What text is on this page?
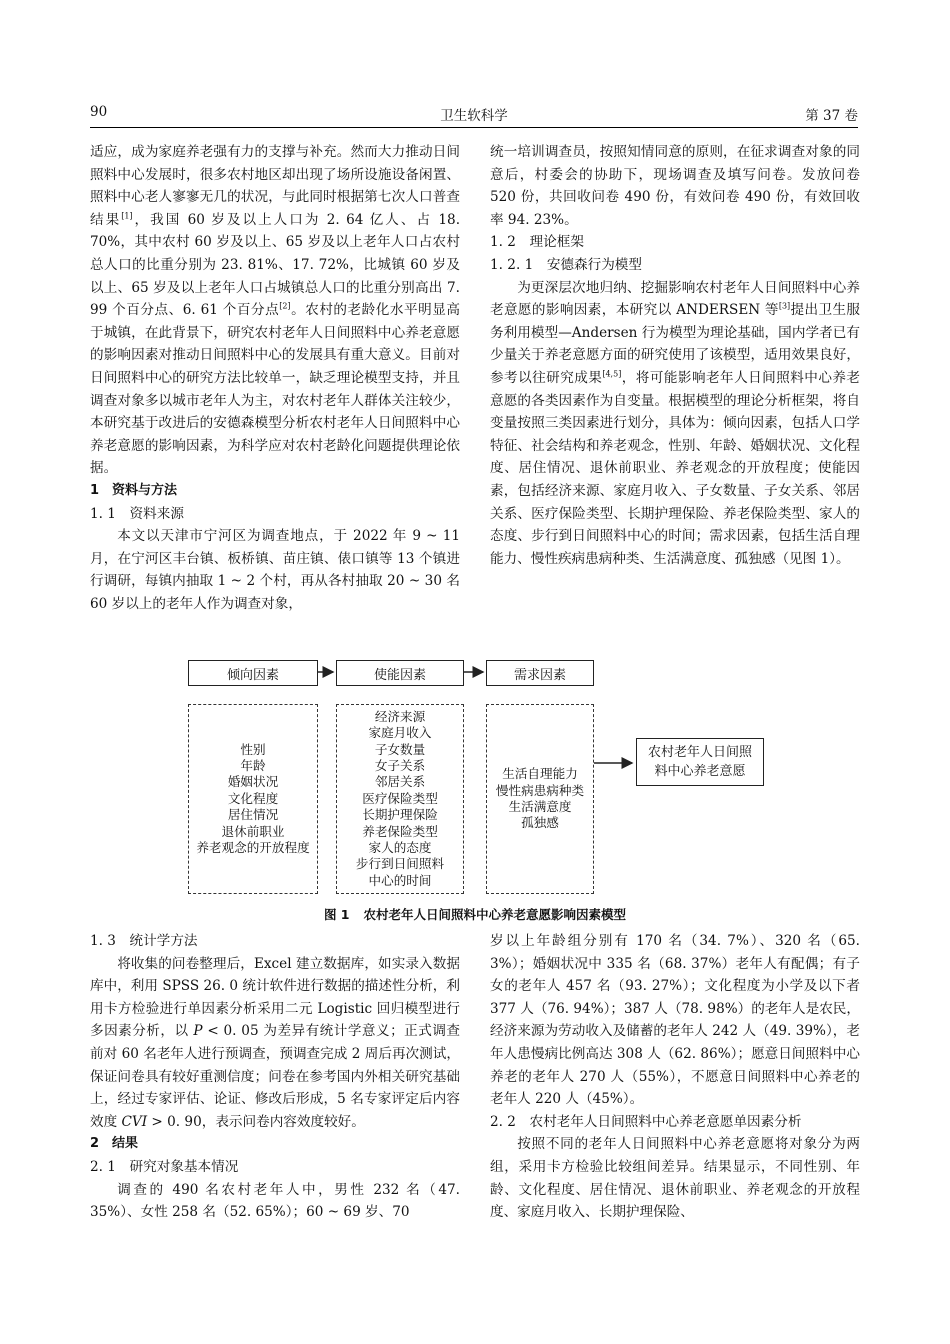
90	卫生软科学	第 37 卷

适应，成为家庭养老强有力的支撑与补充。然而大力推动日间照料中心发展时，很多农村地区却出现了场所设施设备闲置、照料中心老人寥寥无几的状况，与此同时根据第七次人口普查结果[1]，我国 60 岁及以上人口为 2. 64 亿人、占 18. 70%，其中农村 60 岁及以上、65 岁及以上老年人口占农村总人口的比重分别为 23. 81%、17. 72%，比城镇 60 岁及以上、65 岁及以上老年人口占城镇总人口的比重分别高出 7. 99 个百分点、6. 61 个百分点[2]。农村的老龄化水平明显高于城镇，在此背景下，研究农村老年人日间照料中心养老意愿的影响因素对推动日间照料中心的发展具有重大意义。目前对日间照料中心的研究方法比较单一，缺乏理论模型支持，并且调查对象多以城市老年人为主，对农村老年人群体关注较少，本研究基于改进后的安德森模型分析农村老年人日间照料中心养老意愿的影响因素，为科学应对农村老龄化问题提供理论依据。

1　资料与方法

1. 1　资料来源

本文以天津市宁河区为调查地点，于 2022 年 9 ~ 11 月，在宁河区丰台镇、板桥镇、苗庄镇、俵口镇等 13 个镇进行调研，每镇内抽取 1 ~ 2 个村，再从各村抽取 20 ~ 30 名 60 岁以上的老年人作为调查对象，

统一培训调查员，按照知情同意的原则，在征求调查对象的同意后，村委会的协助下，现场调查及填写问卷。发放问卷 520 份，共回收问卷 490 份，有效问卷 490 份，有效回收率 94. 23%。

1. 2　理论框架

1. 2. 1　安德森行为模型

为更深层次地归纳、挖掘影响农村老年人日间照料中心养老意愿的影响因素，本研究以 ANDERSEN 等[3]提出卫生服务利用模型—Andersen 行为模型为理论基础，国内学者已有少量关于养老意愿方面的研究使用了该模型，适用效果良好，参考以往研究成果[4,5]，将可能影响老年人日间照料中心养老意愿的各类因素作为自变量。根据模型的理论分析框架，将自变量按照三类因素进行划分，具体为：倾向因素，包括人口学特征、社会结构和养老观念，性别、年龄、婚姻状况、文化程度、居住情况、退休前职业、养老观念的开放程度；使能因素，包括经济来源、家庭月收入、子女数量、子女关系、邻居关系、医疗保险类型、长期护理保险、养老保险类型、家人的态度、步行到日间照料中心的时间；需求因素，包括生活自理能力、慢性疾病患病种类、生活满意度、孤独感（见图 1）。

倾向因素	使能因素	需求因素
性别
年龄
婚姻状况
文化程度
居住情况
退休前职业
养老观念的开放程度
经济来源
家庭月收入
子女数量
女子关系
邻居关系
医疗保险类型
长期护理保险
养老保险类型
家人的态度
步行到日间照料
中心的时间
生活自理能力
慢性病患病种类
生活满意度
孤独感
农村老年人日间照
料中心养老意愿
图 1 农村老年人日间照料中心养老意愿影响因素模型

1. 3　统计学方法

将收集的问卷整理后，Excel 建立数据库，如实录入数据库中，利用 SPSS 26. 0 统计软件进行数据的描述性分析，利用卡方检验进行单因素分析采用二元 Logistic 回归模型进行多因素分析，以 P < 0. 05 为差异有统计学意义；正式调查前对 60 名老年人进行预调查，预调查完成 2 周后再次测试，保证问卷具有较好重测信度；问卷在参考国内外相关研究基础上，经过专家评估、论证、修改后形成，5 名专家评定后内容效度 CVI > 0. 90，表示问卷内容效度较好。

2　结果

2. 1　研究对象基本情况

调查的 490 名农村老年人中，男性 232 名（47. 35%）、女性 258 名（52. 65%）；60 ~ 69 岁、70

岁以上年龄组分别有 170 名（34. 7%）、320 名（65. 3%）；婚姻状况中 335 名（68. 37%）老年人有配偶；有子女的老年人 457 名（93. 27%）；文化程度为小学及以下者 377 人（76. 94%）；387 人（78. 98%）的老年人是农民，经济来源为劳动收入及储蓄的老年人 242 人（49. 39%），老年人患慢病比例高达 308 人（62. 86%）；愿意日间照料中心养老的老年人 270 人（55%），不愿意日间照料中心养老的老年人 220 人（45%）。

2. 2　农村老年人日间照料中心养老意愿单因素分析

按照不同的老年人日间照料中心养老意愿将对象分为两组，采用卡方检验比较组间差异。结果显示，不同性别、年龄、文化程度、居住情况、退休前职业、养老观念的开放程度、家庭月收入、长期护理保险、
